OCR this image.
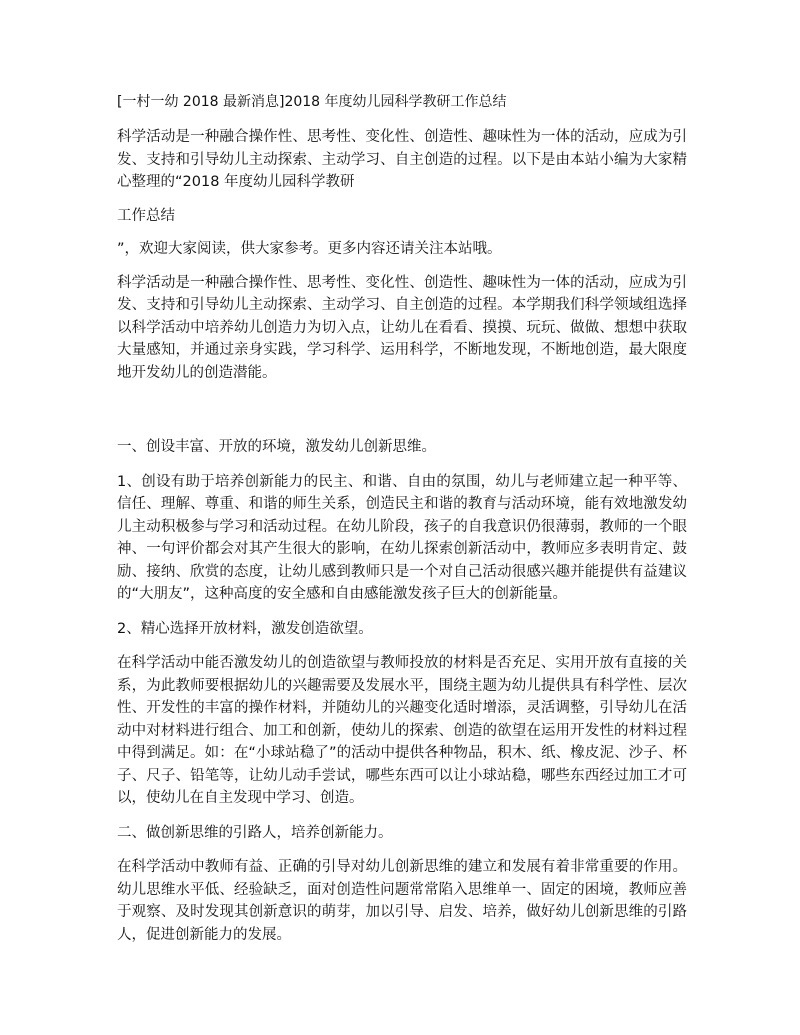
[一村一幼 2018 最新消息]2018 年度幼儿园科学教研工作总结

科学活动是一种融合操作性、思考性、变化性、创造性、趣味性为一体的活动，应成为引发、支持和引导幼儿主动探索、主动学习、自主创造的过程。以下是由本站小编为大家精心整理的“2018 年度幼儿园科学教研

工作总结

”，欢迎大家阅读，供大家参考。更多内容还请关注本站哦。

科学活动是一种融合操作性、思考性、变化性、创造性、趣味性为一体的活动，应成为引发、支持和引导幼儿主动探索、主动学习、自主创造的过程。本学期我们科学领域组选择以科学活动中培养幼儿创造力为切入点，让幼儿在看看、摸摸、玩玩、做做、想想中获取大量感知，并通过亲身实践，学习科学、运用科学，不断地发现，不断地创造，最大限度地开发幼儿的创造潜能。

一、创设丰富、开放的环境，激发幼儿创新思维。

1、创设有助于培养创新能力的民主、和谐、自由的氛围，幼儿与老师建立起一种平等、信任、理解、尊重、和谐的师生关系，创造民主和谐的教育与活动环境，能有效地激发幼儿主动积极参与学习和活动过程。在幼儿阶段，孩子的自我意识仍很薄弱，教师的一个眼神、一句评价都会对其产生很大的影响，在幼儿探索创新活动中，教师应多表明肯定、鼓励、接纳、欣赏的态度，让幼儿感到教师只是一个对自己活动很感兴趣并能提供有益建议的“大朋友”，这种高度的安全感和自由感能激发孩子巨大的创新能量。

2、精心选择开放材料，激发创造欲望。

在科学活动中能否激发幼儿的创造欲望与教师投放的材料是否充足、实用开放有直接的关系，为此教师要根据幼儿的兴趣需要及发展水平，围绕主题为幼儿提供具有科学性、层次性、开发性的丰富的操作材料，并随幼儿的兴趣变化适时增添，灵活调整，引导幼儿在活动中对材料进行组合、加工和创新，使幼儿的探索、创造的欲望在运用开发性的材料过程中得到满足。如：在“小球站稳了”的活动中提供各种物品，积木、纸、橡皮泥、沙子、杯子、尺子、铅笔等，让幼儿动手尝试，哪些东西可以让小球站稳，哪些东西经过加工才可以，使幼儿在自主发现中学习、创造。

二、做创新思维的引路人，培养创新能力。

在科学活动中教师有益、正确的引导对幼儿创新思维的建立和发展有着非常重要的作用。幼儿思维水平低、经验缺乏，面对创造性问题常常陷入思维单一、固定的困境，教师应善于观察、及时发现其创新意识的萌芽，加以引导、启发、培养，做好幼儿创新思维的引路人，促进创新能力的发展。
